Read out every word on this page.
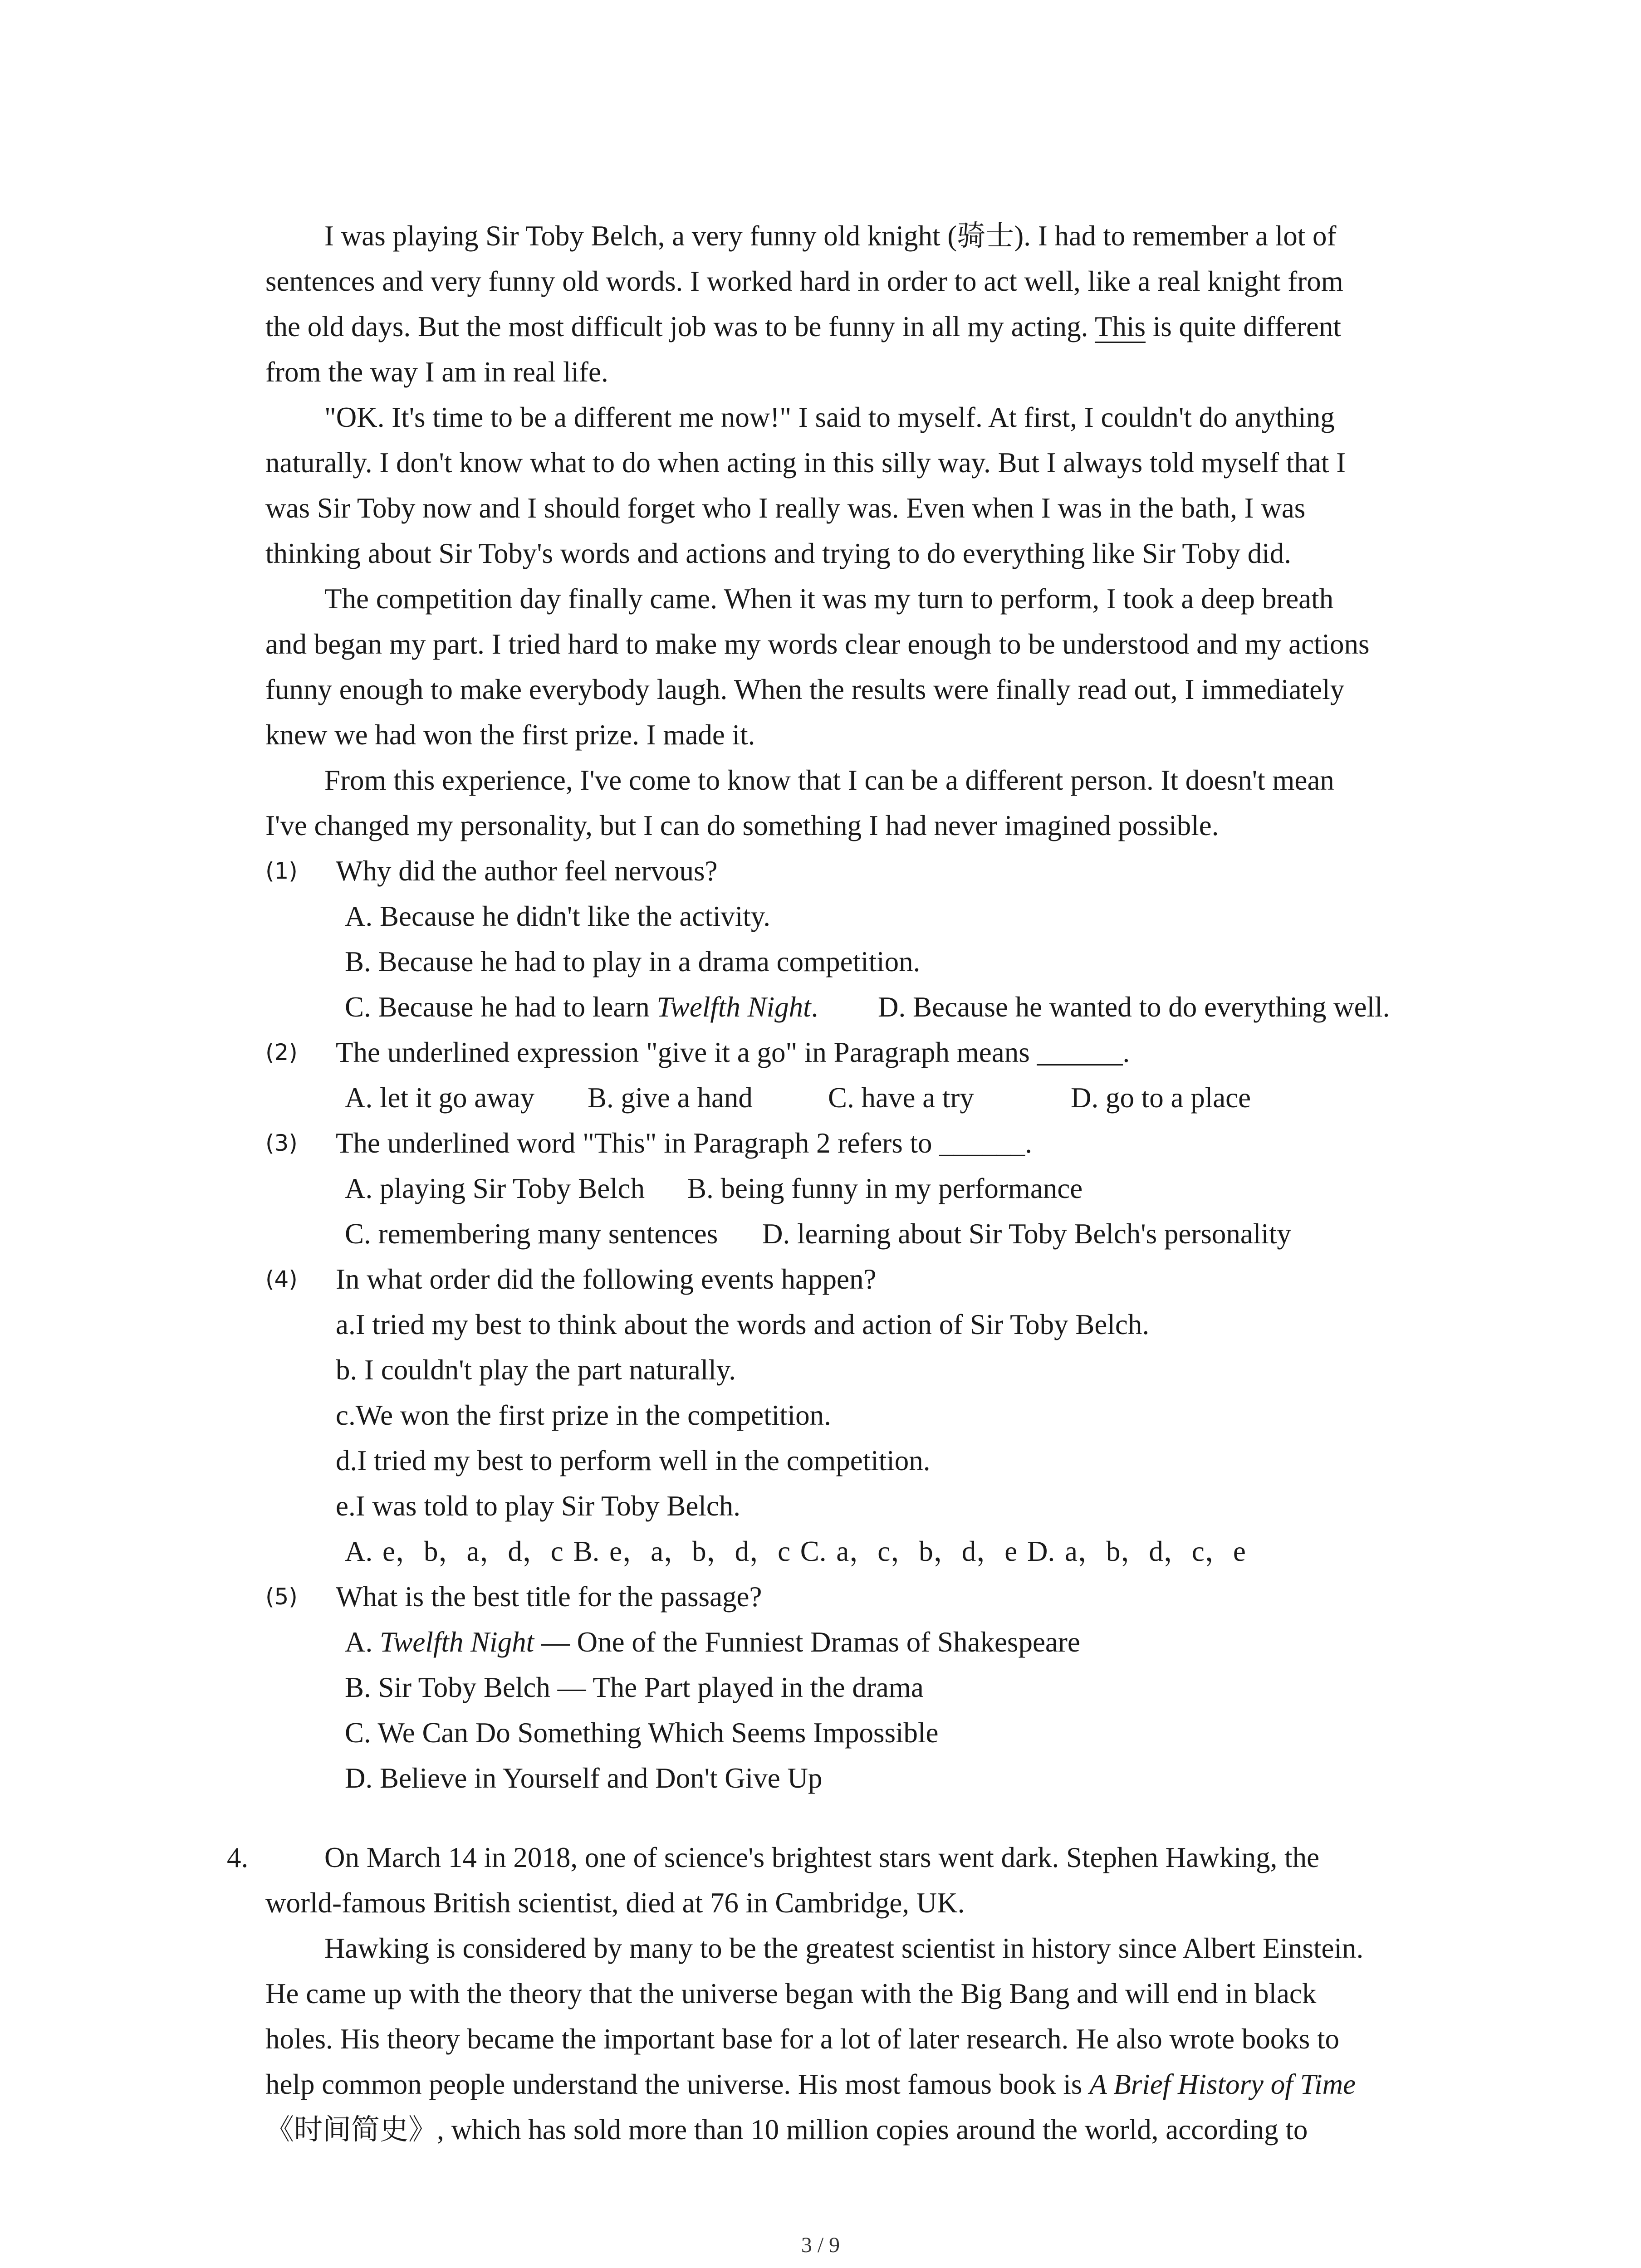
I was playing Sir Toby Belch, a very funny old knight (骑士). I had to remember a lot of
sentences and very funny old words. I worked hard in order to act well, like a real knight from
the old days. But the most difficult job was to be funny in all my acting. This is quite different
from the way I am in real life.
"OK. It's time to be a different me now!" I said to myself. At first, I couldn't do anything
naturally. I don't know what to do when acting in this silly way. But I always told myself that I
was Sir Toby now and I should forget who I really was. Even when I was in the bath, I was
thinking about Sir Toby's words and actions and trying to do everything like Sir Toby did.
The competition day finally came. When it was my turn to perform, I took a deep breath
and began my part. I tried hard to make my words clear enough to be understood and my actions
funny enough to make everybody laugh. When the results were finally read out, I immediately
knew we had won the first prize. I made it.
From this experience, I've come to know that I can be a different person. It doesn't mean
I've changed my personality, but I can do something I had never imagined possible.
(1) Why did the author feel nervous?
A. Because he didn't like the activity.
B. Because he had to play in a drama competition.
C. Because he had to learn Twelfth Night. D. Because he wanted to do everything well.
(2) The underlined expression "give it a go" in Paragraph means ______.
A. let it go away B. give a hand	C. have a try	D. go to a place
(3) The underlined word "This" in Paragraph 2 refers to ______.
A. playing Sir Toby Belch B. being funny in my performance
C. remembering many sentences D. learning about Sir Toby Belch's personality
(4) In what order did the following events happen?
a.I tried my best to think about the words and action of Sir Toby Belch.
b. I couldn't play the part naturally.
c.We won the first prize in the competition.
d.I tried my best to perform well in the competition.
e.I was told to play Sir Toby Belch.
A. e，b，a，d，c B. e，a，b，d，c C. a，c，b，d，e D. a，b，d，c，e
(5) What is the best title for the passage?
A. Twelfth Night — One of the Funniest Dramas of Shakespeare
B. Sir Toby Belch — The Part played in the drama
C. We Can Do Something Which Seems Impossible
D. Believe in Yourself and Don't Give Up
4.	On March 14 in 2018, one of science's brightest stars went dark. Stephen Hawking, the
world-famous British scientist, died at 76 in Cambridge, UK.
Hawking is considered by many to be the greatest scientist in history since Albert Einstein.
He came up with the theory that the universe began with the Big Bang and will end in black
holes. His theory became the important base for a lot of later research. He also wrote books to
help common people understand the universe. His most famous book is A Brief History of Time
《时间简史》, which has sold more than 10 million copies around the world, according to
3 / 9
